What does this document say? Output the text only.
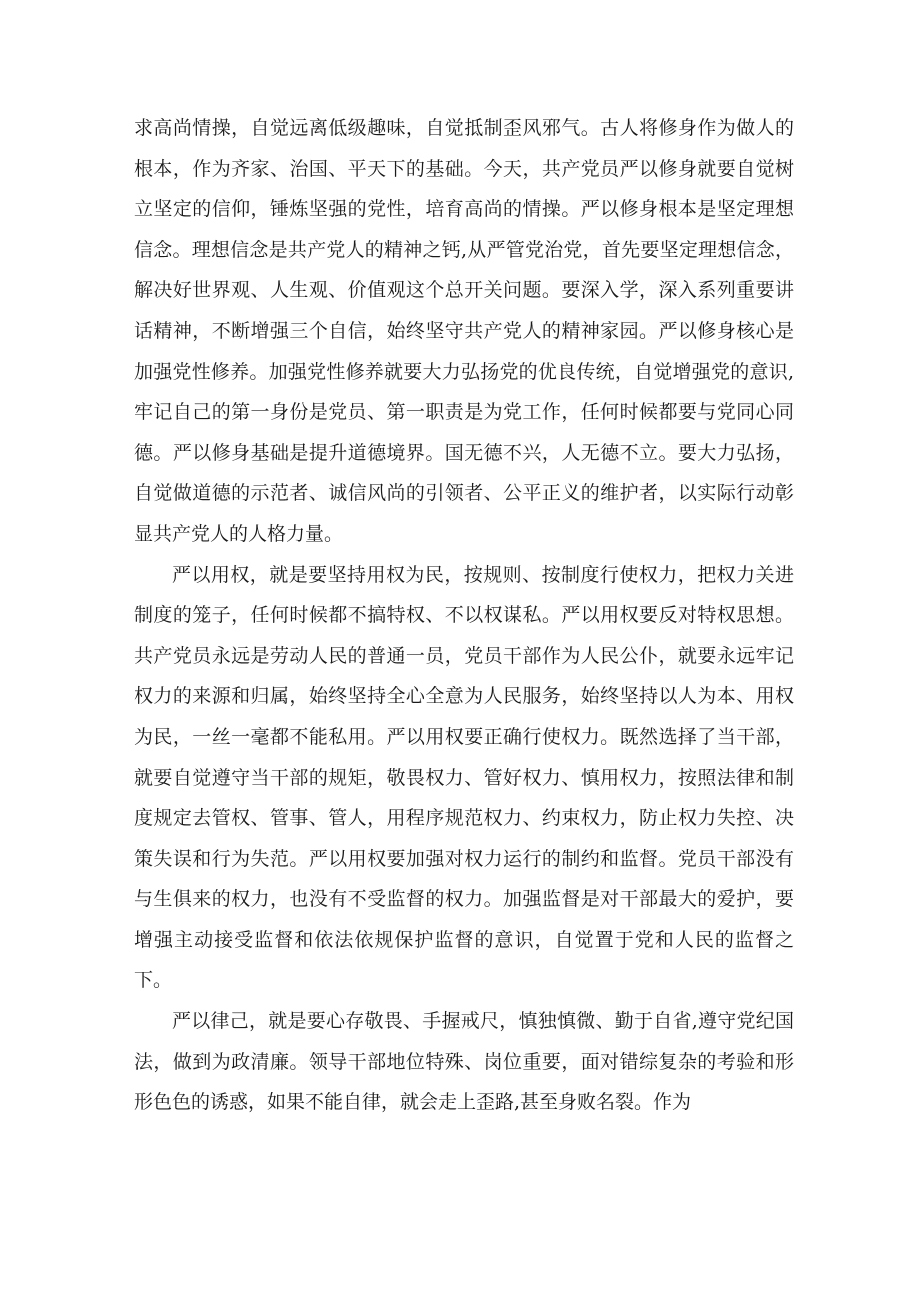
求高尚情操，自觉远离低级趣味，自觉抵制歪风邪气。古人将修身作为做人的根本，作为齐家、治国、平天下的基础。今天，共产党员严以修身就要自觉树立坚定的信仰，锤炼坚强的党性，培育高尚的情操。严以修身根本是坚定理想信念。理想信念是共产党人的精神之钙,从严管党治党，首先要坚定理想信念，解决好世界观、人生观、价值观这个总开关问题。要深入学，深入系列重要讲话精神，不断增强三个自信，始终坚守共产党人的精神家园。严以修身核心是加强党性修养。加强党性修养就要大力弘扬党的优良传统，自觉增强党的意识,牢记自己的第一身份是党员、第一职责是为党工作，任何时候都要与党同心同德。严以修身基础是提升道德境界。国无德不兴，人无德不立。要大力弘扬，自觉做道德的示范者、诚信风尚的引领者、公平正义的维护者，以实际行动彰显共产党人的人格力量。

严以用权，就是要坚持用权为民，按规则、按制度行使权力，把权力关进制度的笼子，任何时候都不搞特权、不以权谋私。严以用权要反对特权思想。共产党员永远是劳动人民的普通一员，党员干部作为人民公仆，就要永远牢记权力的来源和归属，始终坚持全心全意为人民服务，始终坚持以人为本、用权为民，一丝一毫都不能私用。严以用权要正确行使权力。既然选择了当干部，就要自觉遵守当干部的规矩，敬畏权力、管好权力、慎用权力，按照法律和制度规定去管权、管事、管人，用程序规范权力、约束权力，防止权力失控、决策失误和行为失范。严以用权要加强对权力运行的制约和监督。党员干部没有与生俱来的权力，也没有不受监督的权力。加强监督是对干部最大的爱护，要增强主动接受监督和依法依规保护监督的意识，自觉置于党和人民的监督之下。

严以律己，就是要心存敬畏、手握戒尺，慎独慎微、勤于自省,遵守党纪国法，做到为政清廉。领导干部地位特殊、岗位重要，面对错综复杂的考验和形形色色的诱惑，如果不能自律，就会走上歪路,甚至身败名裂。作为
